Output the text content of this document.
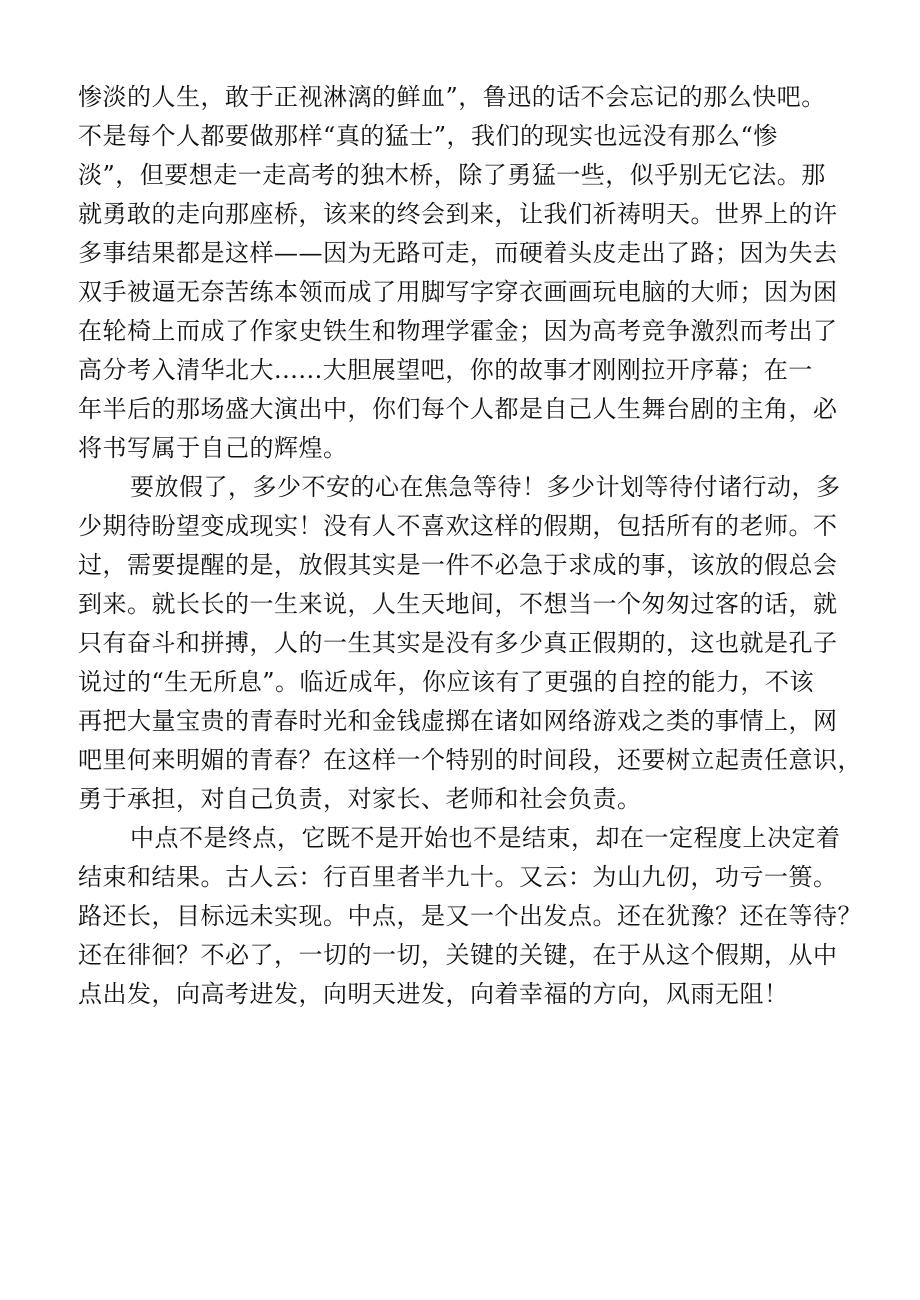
惨淡的人生，敢于正视淋漓的鲜血”，鲁迅的话不会忘记的那么快吧。
不是每个人都要做那样“真的猛士”，我们的现实也远没有那么“惨
淡”，但要想走一走高考的独木桥，除了勇猛一些，似乎别无它法。那
就勇敢的走向那座桥，该来的终会到来，让我们祈祷明天。世界上的许
多事结果都是这样——因为无路可走，而硬着头皮走出了路；因为失去
双手被逼无奈苦练本领而成了用脚写字穿衣画画玩电脑的大师；因为困
在轮椅上而成了作家史铁生和物理学霍金；因为高考竞争激烈而考出了
高分考入清华北大......大胆展望吧，你的故事才刚刚拉开序幕；在一
年半后的那场盛大演出中，你们每个人都是自己人生舞台剧的主角，必
将书写属于自己的辉煌。
要放假了，多少不安的心在焦急等待！多少计划等待付诸行动，多
少期待盼望变成现实！没有人不喜欢这样的假期，包括所有的老师。不
过，需要提醒的是，放假其实是一件不必急于求成的事，该放的假总会
到来。就长长的一生来说，人生天地间，不想当一个匆匆过客的话，就
只有奋斗和拼搏，人的一生其实是没有多少真正假期的，这也就是孔子
说过的“生无所息”。临近成年，你应该有了更强的自控的能力，不该
再把大量宝贵的青春时光和金钱虚掷在诸如网络游戏之类的事情上，网
吧里何来明媚的青春？在这样一个特别的时间段，还要树立起责任意识，
勇于承担，对自己负责，对家长、老师和社会负责。
中点不是终点，它既不是开始也不是结束，却在一定程度上决定着
结束和结果。古人云：行百里者半九十。又云：为山九仞，功亏一篑。
路还长，目标远未实现。中点，是又一个出发点。还在犹豫？还在等待？
还在徘徊？不必了，一切的一切，关键的关键，在于从这个假期，从中
点出发，向高考进发，向明天进发，向着幸福的方向，风雨无阻！
